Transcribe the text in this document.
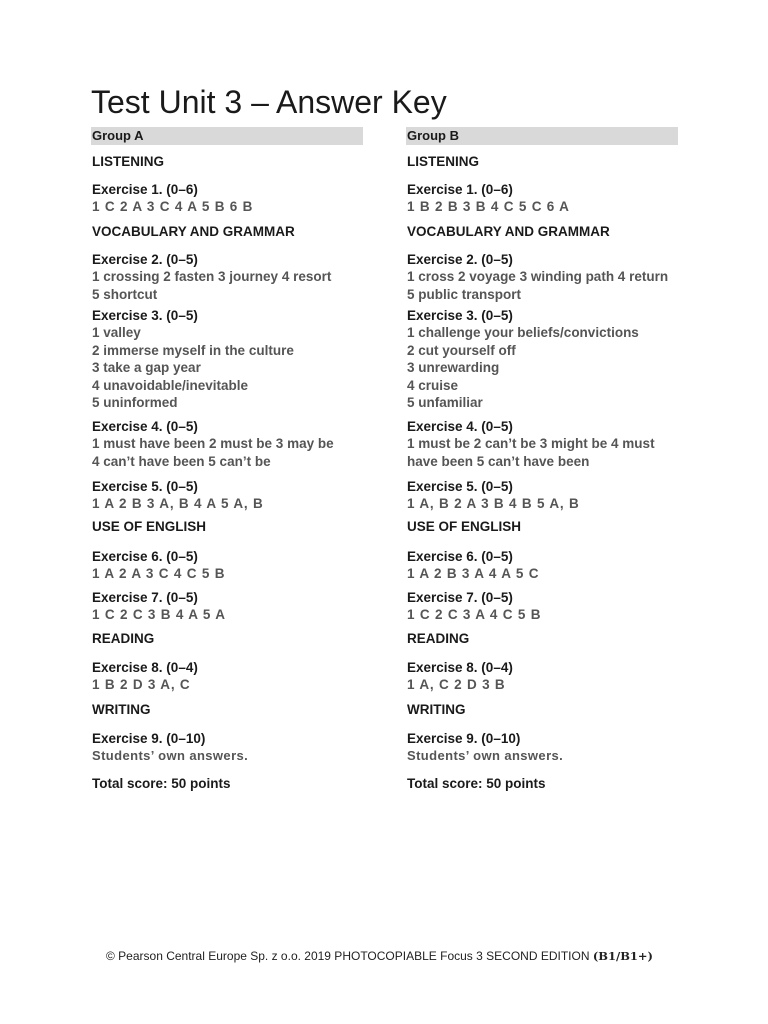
Test Unit 3 – Answer Key
Group A
LISTENING
Exercise 1. (0–6)
1 C 2 A 3 C 4 A 5 B 6 B
VOCABULARY AND GRAMMAR
Exercise 2. (0–5)
1 crossing 2 fasten 3 journey 4 resort
5 shortcut
Exercise 3. (0–5)
1 valley
2 immerse myself in the culture
3 take a gap year
4 unavoidable/inevitable
5 uninformed
Exercise 4. (0–5)
1 must have been 2 must be 3 may be
4 can’t have been 5 can’t be
Exercise 5. (0–5)
1 A 2 B 3 A, B 4 A 5 A, B
USE OF ENGLISH
Exercise 6. (0–5)
1 A 2 A 3 C 4 C 5 B
Exercise 7. (0–5)
1 C 2 C 3 B 4 A 5 A
READING
Exercise 8. (0–4)
1 B 2 D 3 A, C
WRITING
Exercise 9. (0–10)
Students’ own answers.
Total score: 50 points
Group B
LISTENING
Exercise 1. (0–6)
1 B 2 B 3 B 4 C 5 C 6 A
VOCABULARY AND GRAMMAR
Exercise 2. (0–5)
1 cross 2 voyage 3 winding path 4 return
5 public transport
Exercise 3. (0–5)
1 challenge your beliefs/convictions
2 cut yourself off
3 unrewarding
4 cruise
5 unfamiliar
Exercise 4. (0–5)
1 must be 2 can’t be 3 might be 4 must
have been 5 can’t have been
Exercise 5. (0–5)
1 A, B 2 A 3 B 4 B 5 A, B
USE OF ENGLISH
Exercise 6. (0–5)
1 A 2 B 3 A 4 A 5 C
Exercise 7. (0–5)
1 C 2 C 3 A 4 C 5 B
READING
Exercise 8. (0–4)
1 A, C 2 D 3 B
WRITING
Exercise 9. (0–10)
Students’ own answers.
Total score: 50 points
© Pearson Central Europe Sp. z o.o. 2019 PHOTOCOPIABLE Focus 3 SECOND EDITION (B1/B1+)
